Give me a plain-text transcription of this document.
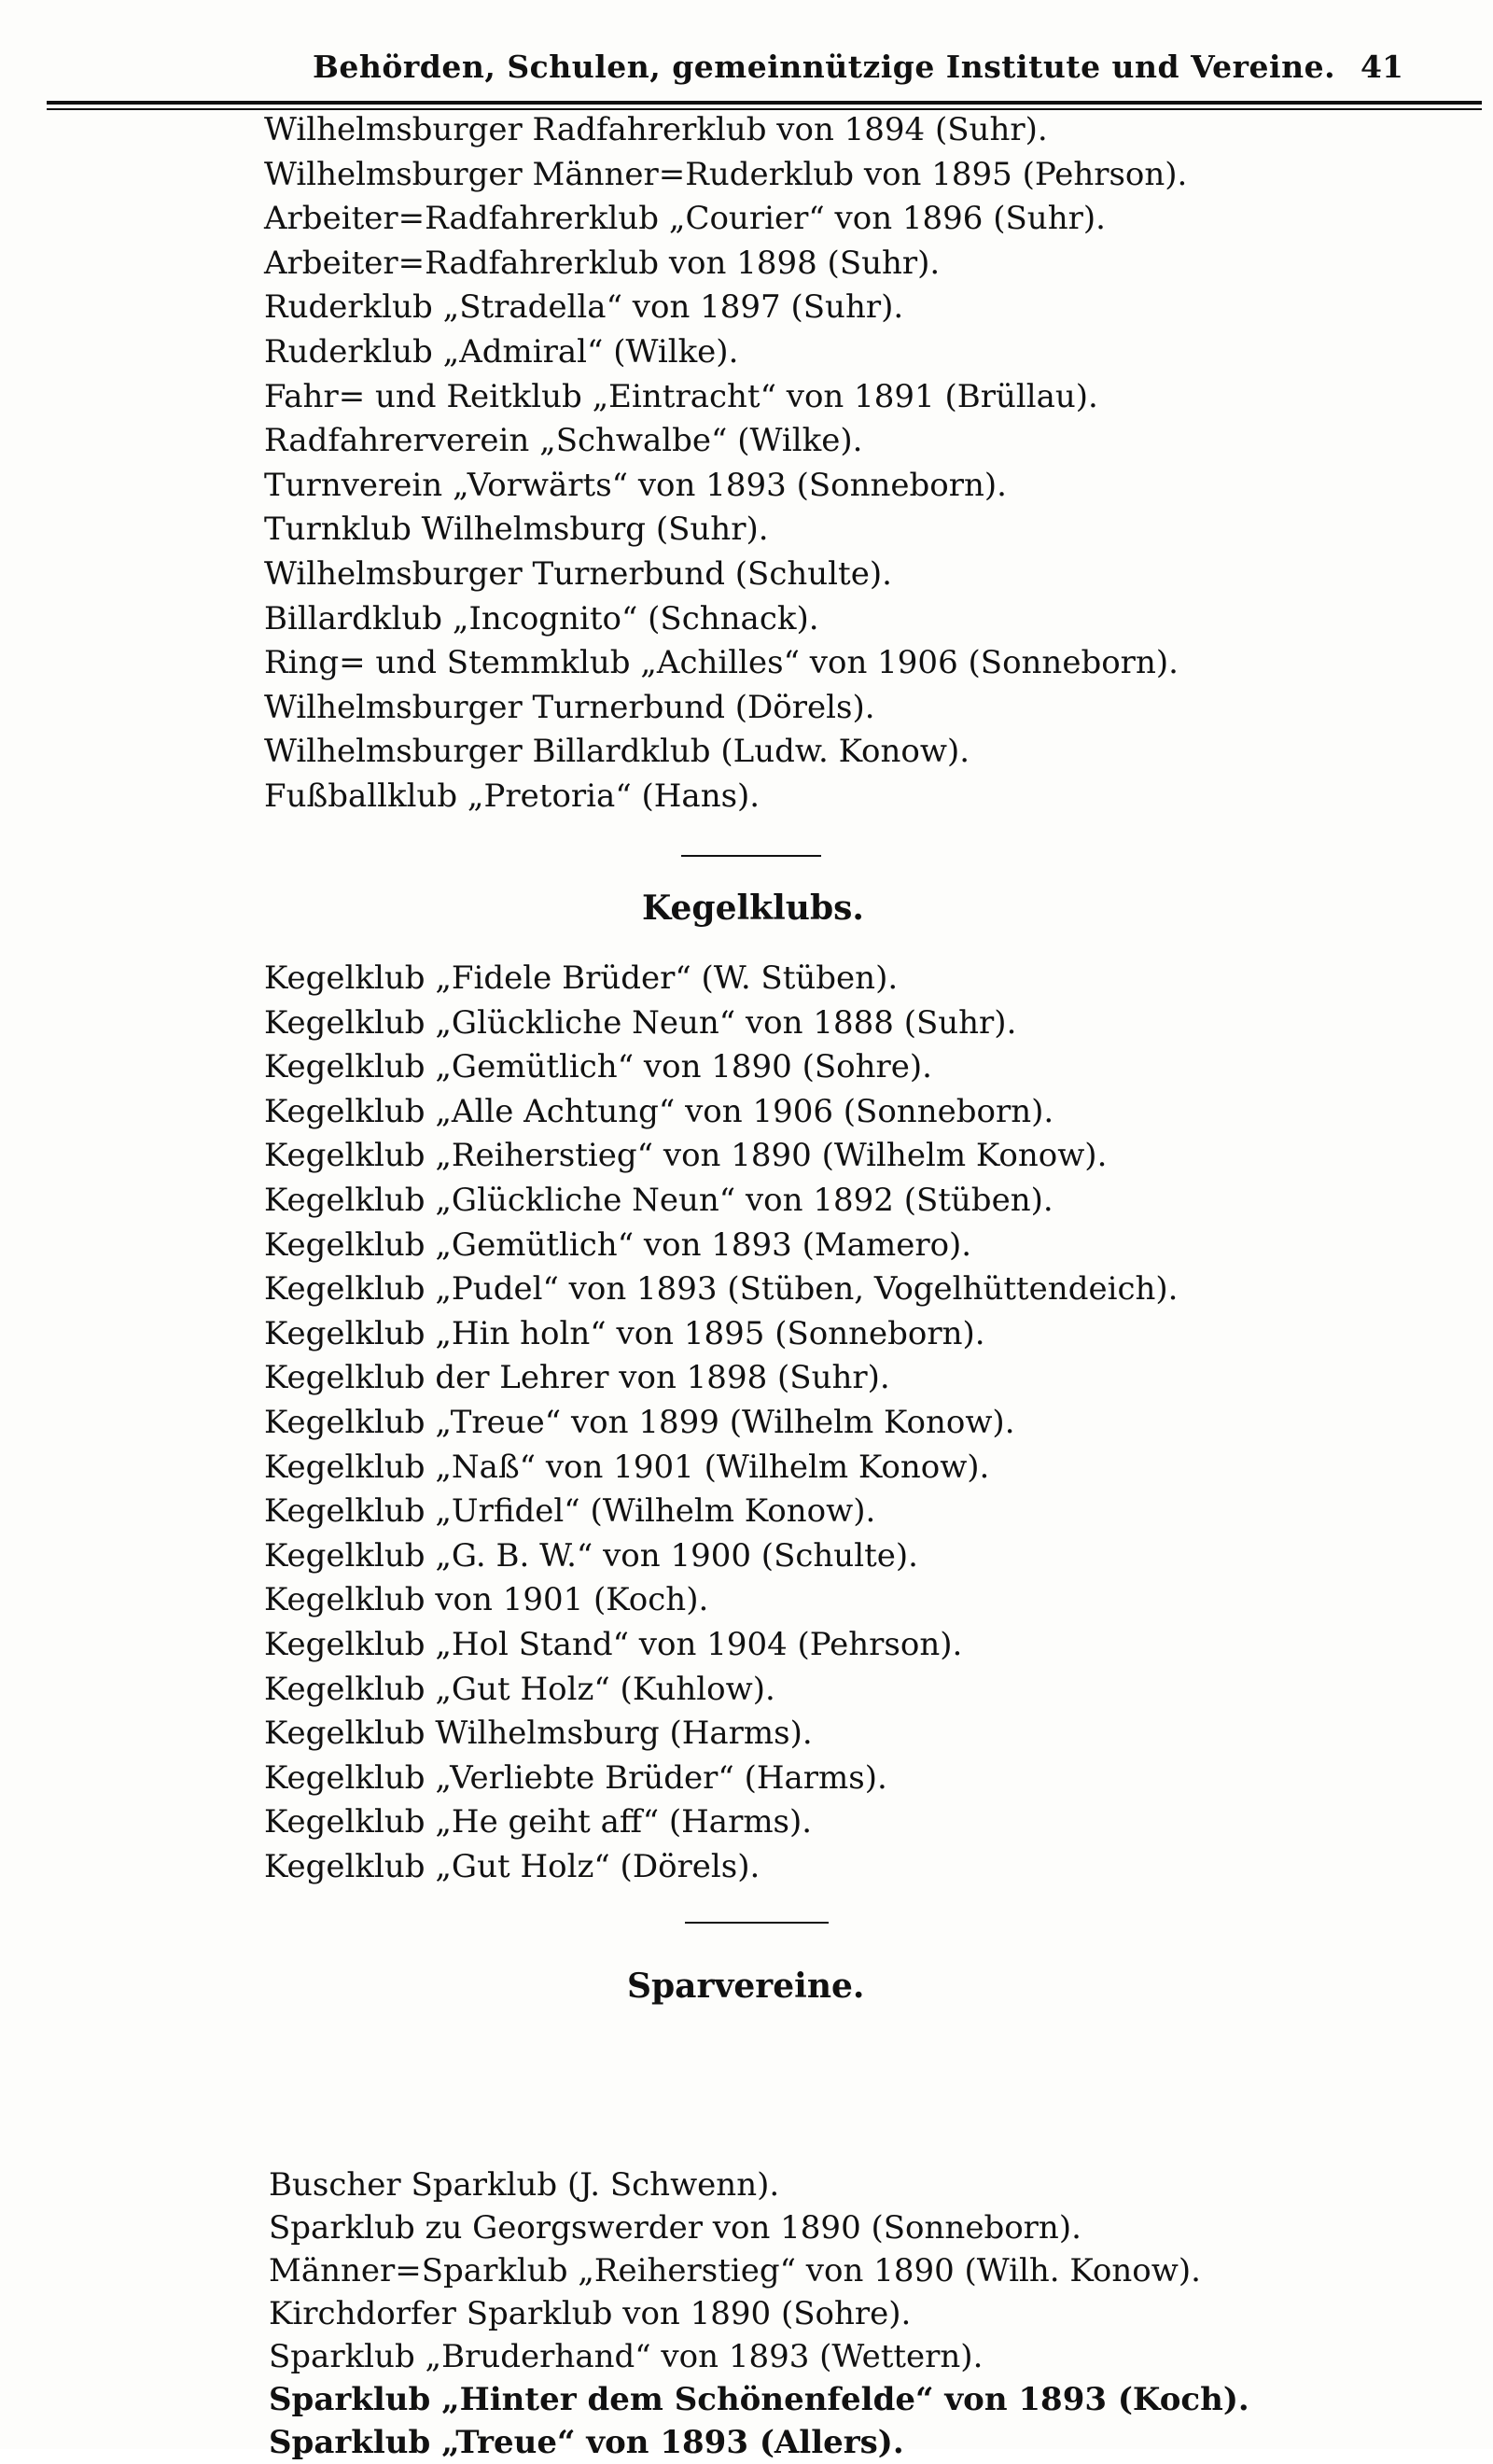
Behörden, Schulen, gemeinnützige Institute und Vereine. 41
Wilhelmsburger Radfahrerklub von 1894 (Suhr).
Wilhelmsburger Männer=Ruderklub von 1895 (Pehrson).
Arbeiter=Radfahrerklub „Courier“ von 1896 (Suhr).
Arbeiter=Radfahrerklub von 1898 (Suhr).
Ruderklub „Stradella“ von 1897 (Suhr).
Ruderklub „Admiral“ (Wilke).
Fahr= und Reitklub „Eintracht“ von 1891 (Brüllau).
Radfahrerverein „Schwalbe“ (Wilke).
Turnverein „Vorwärts“ von 1893 (Sonneborn).
Turnklub Wilhelmsburg (Suhr).
Wilhelmsburger Turnerbund (Schulte).
Billardklub „Incognito“ (Schnack).
Ring= und Stemmklub „Achilles“ von 1906 (Sonneborn).
Wilhelmsburger Turnerbund (Dörels).
Wilhelmsburger Billardklub (Ludw. Konow).
Fußballklub „Pretoria“ (Hans).
Kegelklubs.
Kegelklub „Fidele Brüder“ (W. Stüben).
Kegelklub „Glückliche Neun“ von 1888 (Suhr).
Kegelklub „Gemütlich“ von 1890 (Sohre).
Kegelklub „Alle Achtung“ von 1906 (Sonneborn).
Kegelklub „Reiherstieg“ von 1890 (Wilhelm Konow).
Kegelklub „Glückliche Neun“ von 1892 (Stüben).
Kegelklub „Gemütlich“ von 1893 (Mamero).
Kegelklub „Pudel“ von 1893 (Stüben, Vogelhüttendeich).
Kegelklub „Hin holn“ von 1895 (Sonneborn).
Kegelklub der Lehrer von 1898 (Suhr).
Kegelklub „Treue“ von 1899 (Wilhelm Konow).
Kegelklub „Naß“ von 1901 (Wilhelm Konow).
Kegelklub „Urfidel“ (Wilhelm Konow).
Kegelklub „G. B. W.“ von 1900 (Schulte).
Kegelklub von 1901 (Koch).
Kegelklub „Hol Stand“ von 1904 (Pehrson).
Kegelklub „Gut Holz“ (Kuhlow).
Kegelklub Wilhelmsburg (Harms).
Kegelklub „Verliebte Brüder“ (Harms).
Kegelklub „He geiht aff“ (Harms).
Kegelklub „Gut Holz“ (Dörels).
Sparvereine.
Buscher Sparklub (J. Schwenn).
Sparklub zu Georgswerder von 1890 (Sonneborn).
Männer=Sparklub „Reiherstieg“ von 1890 (Wilh. Konow).
Kirchdorfer Sparklub von 1890 (Sohre).
Sparklub „Bruderhand“ von 1893 (Wettern).
Sparklub „Hinter dem Schönenfelde“ von 1893 (Koch).
Sparklub „Treue“ von 1893 (Allers).
